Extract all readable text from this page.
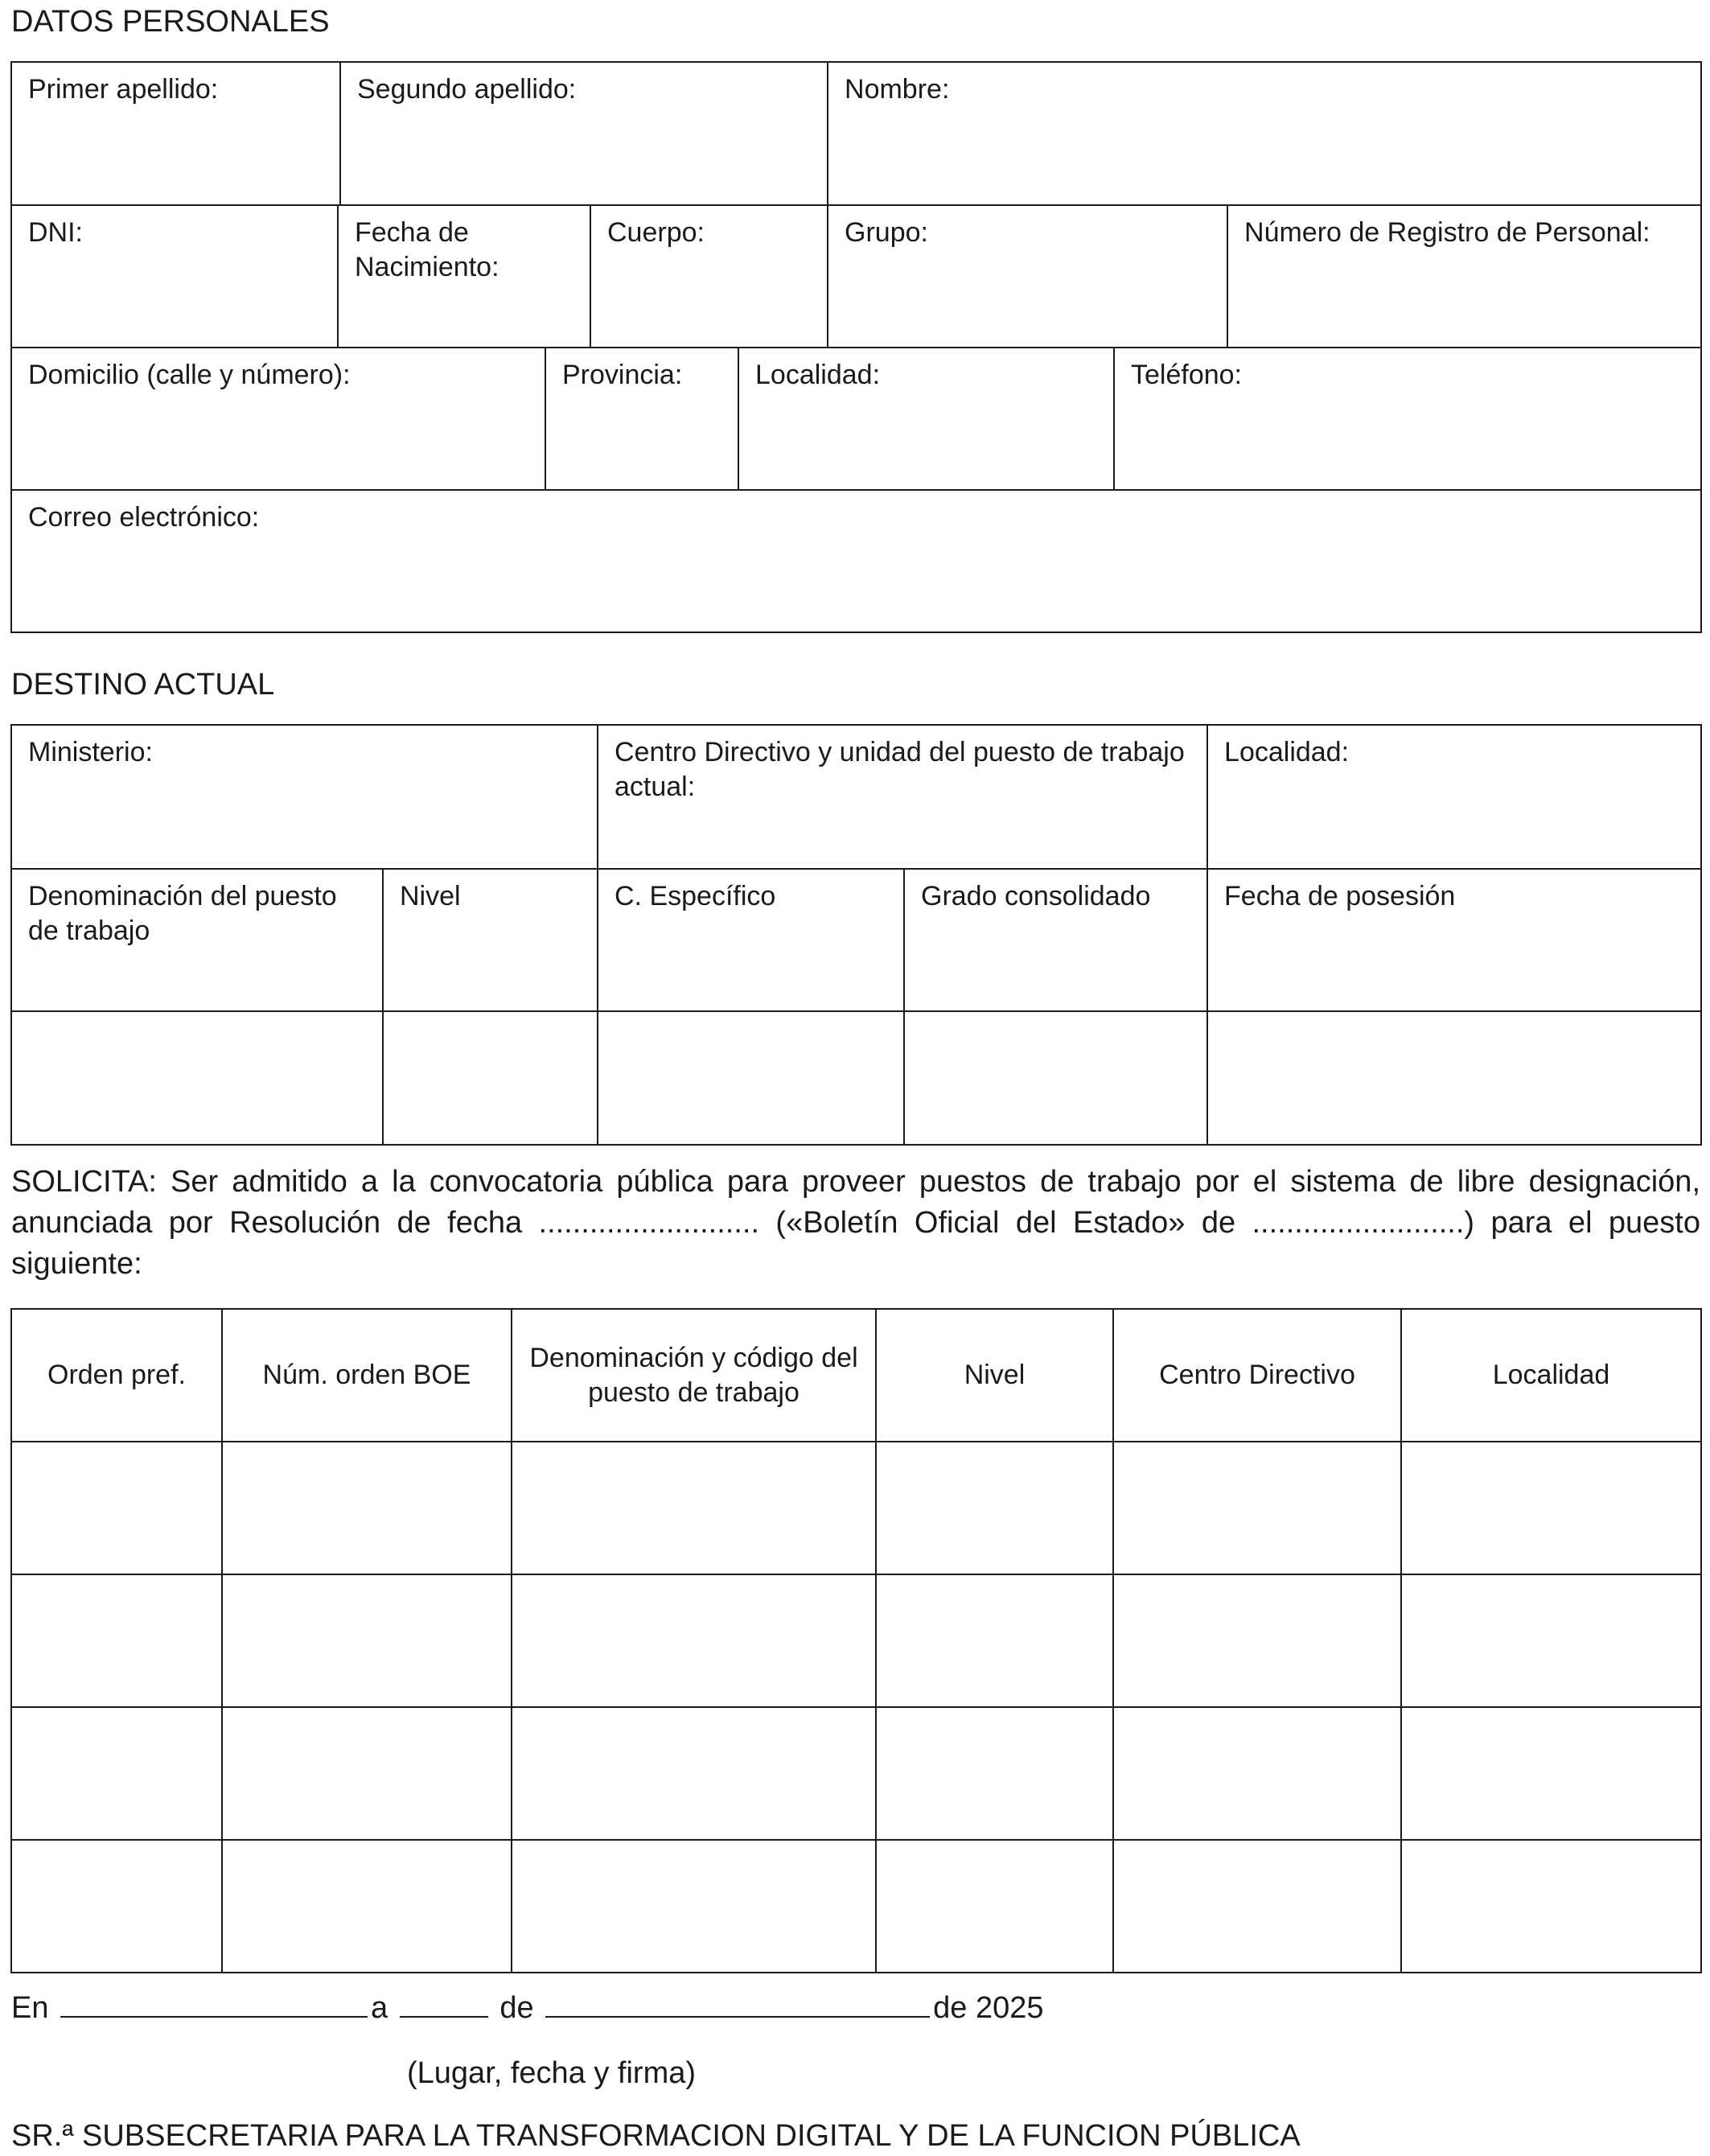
DATOS PERSONALES
Primer apellido:		Segundo apellido:				Nombre:		
DNI:	Fecha de Nacimiento:			Cuerpo:		Grupo:		Número de Registro de Personal:
Domicilio (calle y número):			Provincia:		Localidad:		Teléfono:	
Correo electrónico:								
DESTINO ACTUAL
Ministerio:		Centro Directivo y unidad del puesto de trabajo actual:		Localidad:

Denominación del puesto de trabajo	Nivel	C. Específico	Grado consolidado	Fecha de posesión

SOLICITA: Ser admitido a la convocatoria pública para proveer puestos de trabajo por el sistema de libre designación, anunciada por Resolución de fecha .......................... («Boletín Oficial del Estado» de .........................) para el puesto siguiente:

Orden pref.	Núm. orden BOE	Denominación y código del puesto de trabajo	Nivel	Centro Directivo	Localidad

En	a	de	de 2025
(Lugar, fecha y firma)
SR.ª SUBSECRETARIA PARA LA TRANSFORMACION DIGITAL Y DE LA FUNCION PÚBLICA
